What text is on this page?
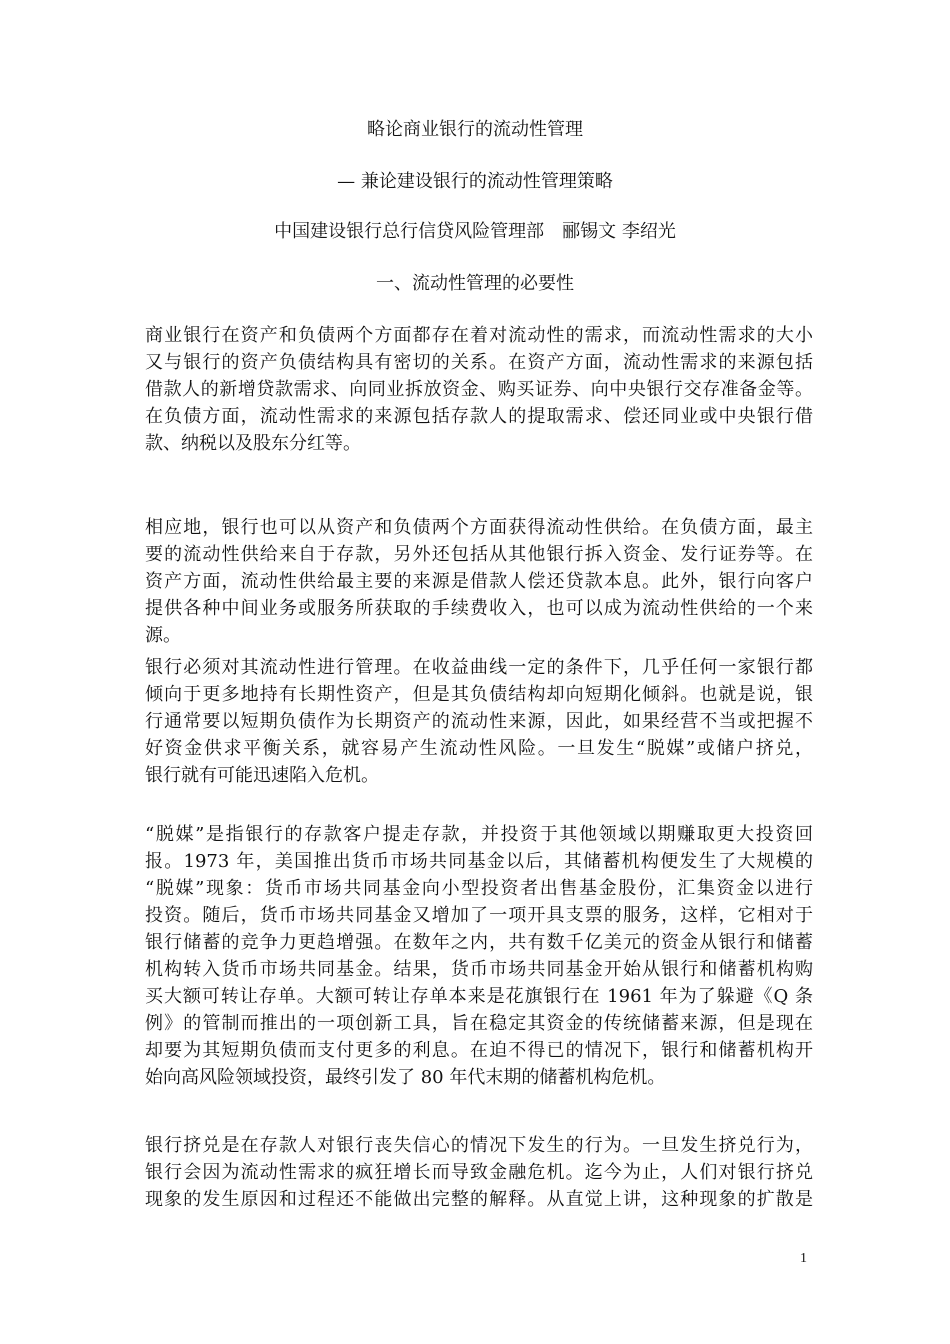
略论商业银行的流动性管理
— 兼论建设银行的流动性管理策略
中国建设银行总行信贷风险管理部　郦锡文 李绍光
一、流动性管理的必要性

商业银行在资产和负债两个方面都存在着对流动性的需求，而流动性需求的大小
又与银行的资产负债结构具有密切的关系。在资产方面，流动性需求的来源包括
借款人的新增贷款需求、向同业拆放资金、购买证券、向中央银行交存准备金等。
在负债方面，流动性需求的来源包括存款人的提取需求、偿还同业或中央银行借
款、纳税以及股东分红等。

相应地，银行也可以从资产和负债两个方面获得流动性供给。在负债方面，最主
要的流动性供给来自于存款，另外还包括从其他银行拆入资金、发行证券等。在
资产方面，流动性供给最主要的来源是借款人偿还贷款本息。此外，银行向客户
提供各种中间业务或服务所获取的手续费收入，也可以成为流动性供给的一个来
源。

银行必须对其流动性进行管理。在收益曲线一定的条件下，几乎任何一家银行都
倾向于更多地持有长期性资产，但是其负债结构却向短期化倾斜。也就是说，银
行通常要以短期负债作为长期资产的流动性来源，因此，如果经营不当或把握不
好资金供求平衡关系，就容易产生流动性风险。一旦发生“脱媒”或储户挤兑，
银行就有可能迅速陷入危机。

“脱媒”是指银行的存款客户提走存款，并投资于其他领域以期赚取更大投资回
报。1973 年，美国推出货币市场共同基金以后，其储蓄机构便发生了大规模的
“脱媒”现象：货币市场共同基金向小型投资者出售基金股份，汇集资金以进行
投资。随后，货币市场共同基金又增加了一项开具支票的服务，这样，它相对于
银行储蓄的竞争力更趋增强。在数年之内，共有数千亿美元的资金从银行和储蓄
机构转入货币市场共同基金。结果，货币市场共同基金开始从银行和储蓄机构购
买大额可转让存单。大额可转让存单本来是花旗银行在 1961 年为了躲避《Q 条
例》的管制而推出的一项创新工具，旨在稳定其资金的传统储蓄来源，但是现在
却要为其短期负债而支付更多的利息。在迫不得已的情况下，银行和储蓄机构开
始向高风险领域投资，最终引发了 80 年代末期的储蓄机构危机。

银行挤兑是在存款人对银行丧失信心的情况下发生的行为。一旦发生挤兑行为，
银行会因为流动性需求的疯狂增长而导致金融危机。迄今为止，人们对银行挤兑
现象的发生原因和过程还不能做出完整的解释。从直觉上讲，这种现象的扩散是

1
